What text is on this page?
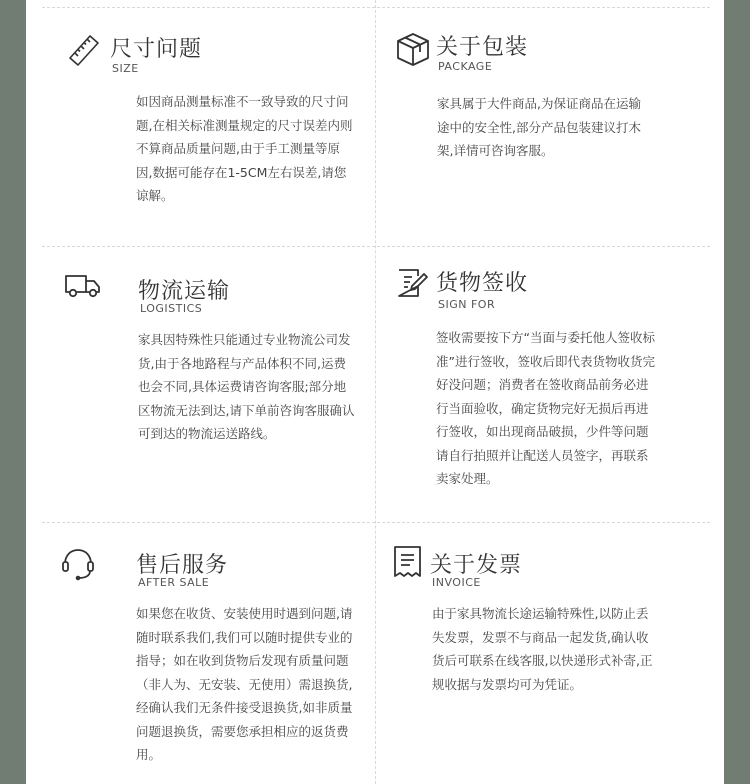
尺寸问题
SIZE

如因商品测量标准不一致导致的尺寸问题,在相关标准测量规定的尺寸误差内则不算商品质量问题,由于手工测量等原因,数据可能存在1-5CM左右误差,请您谅解。

关于包装
PACKAGE

家具属于大件商品,为保证商品在运输途中的安全性,部分产品包装建议打木架,详情可咨询客服。

物流运输
LOGISTICS

家具因特殊性只能通过专业物流公司发货,由于各地路程与产品体积不同,运费也会不同,具体运费请咨询客服;部分地区物流无法到达,请下单前咨询客服确认可到达的物流运送路线。

货物签收
SIGN FOR

签收需要按下方“当面与委托他人签收标准”进行签收，签收后即代表货物收货完好没问题；消费者在签收商品前务必进行当面验收，确定货物完好无损后再进行签收，如出现商品破损，少件等问题请自行拍照并让配送人员签字，再联系卖家处理。

售后服务
AFTER SALE

如果您在收货、安装使用时遇到问题,请随时联系我们,我们可以随时提供专业的指导；如在收到货物后发现有质量问题（非人为、无安装、无使用）需退换货,经确认我们无条件接受退换货,如非质量问题退换货，需要您承担相应的返货费用。

关于发票
INVOICE

由于家具物流长途运输特殊性,以防止丢失发票，发票不与商品一起发货,确认收货后可联系在线客服,以快递形式补寄,正规收据与发票均可为凭证。
